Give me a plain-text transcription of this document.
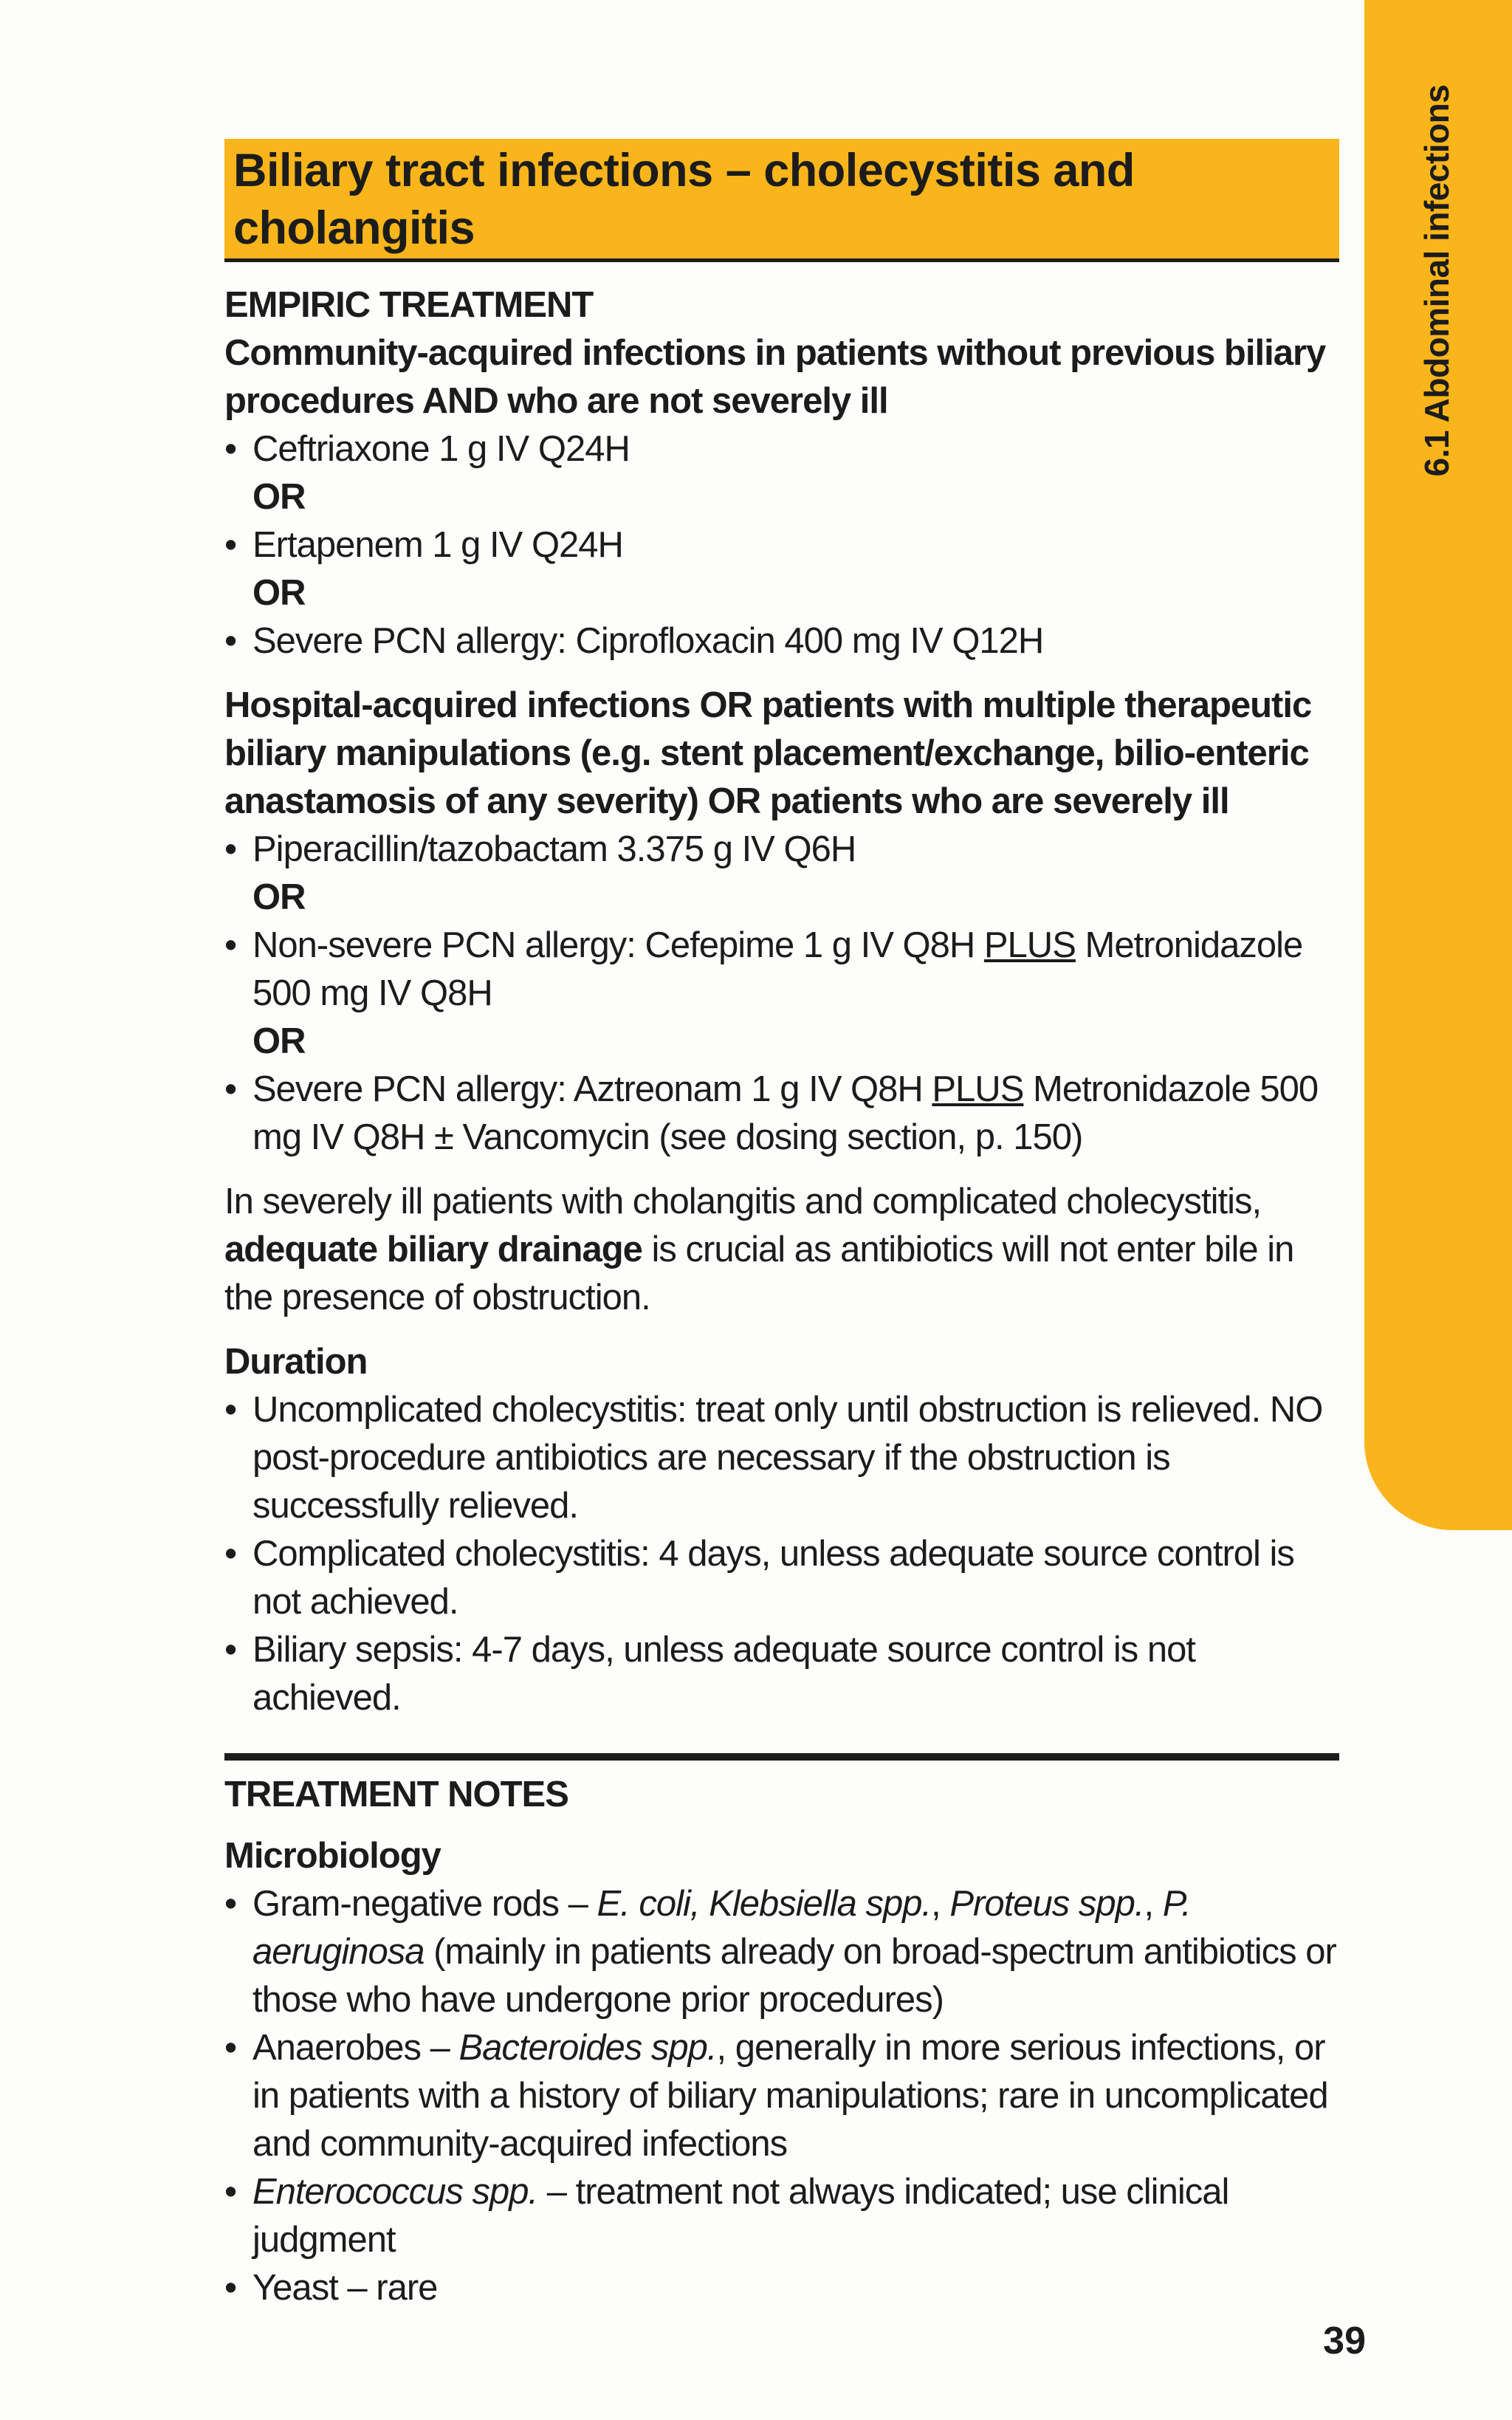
6.1 Abdominal infections
Biliary tract infections – cholecystitis and cholangitis
EMPIRIC TREATMENT
Community-acquired infections in patients without previous biliary procedures AND who are not severely ill
• Ceftriaxone 1 g IV Q24H
OR
• Ertapenem 1 g IV Q24H
OR
• Severe PCN allergy: Ciprofloxacin 400 mg IV Q12H
Hospital-acquired infections OR patients with multiple therapeutic biliary manipulations (e.g. stent placement/exchange, bilio-enteric anastamosis of any severity) OR patients who are severely ill
• Piperacillin/tazobactam 3.375 g IV Q6H
OR
• Non-severe PCN allergy: Cefepime 1 g IV Q8H PLUS Metronidazole 500 mg IV Q8H
OR
• Severe PCN allergy: Aztreonam 1 g IV Q8H PLUS Metronidazole 500 mg IV Q8H ± Vancomycin (see dosing section, p. 150)
In severely ill patients with cholangitis and complicated cholecystitis, adequate biliary drainage is crucial as antibiotics will not enter bile in the presence of obstruction.
Duration
• Uncomplicated cholecystitis: treat only until obstruction is relieved. NO post-procedure antibiotics are necessary if the obstruction is successfully relieved.
• Complicated cholecystitis: 4 days, unless adequate source control is not achieved.
• Biliary sepsis: 4-7 days, unless adequate source control is not achieved.
TREATMENT NOTES
Microbiology
• Gram-negative rods – E. coli, Klebsiella spp., Proteus spp., P. aeruginosa (mainly in patients already on broad-spectrum antibiotics or those who have undergone prior procedures)
• Anaerobes – Bacteroides spp., generally in more serious infections, or in patients with a history of biliary manipulations; rare in uncomplicated and community-acquired infections
• Enterococcus spp. – treatment not always indicated; use clinical judgment
• Yeast – rare
39
